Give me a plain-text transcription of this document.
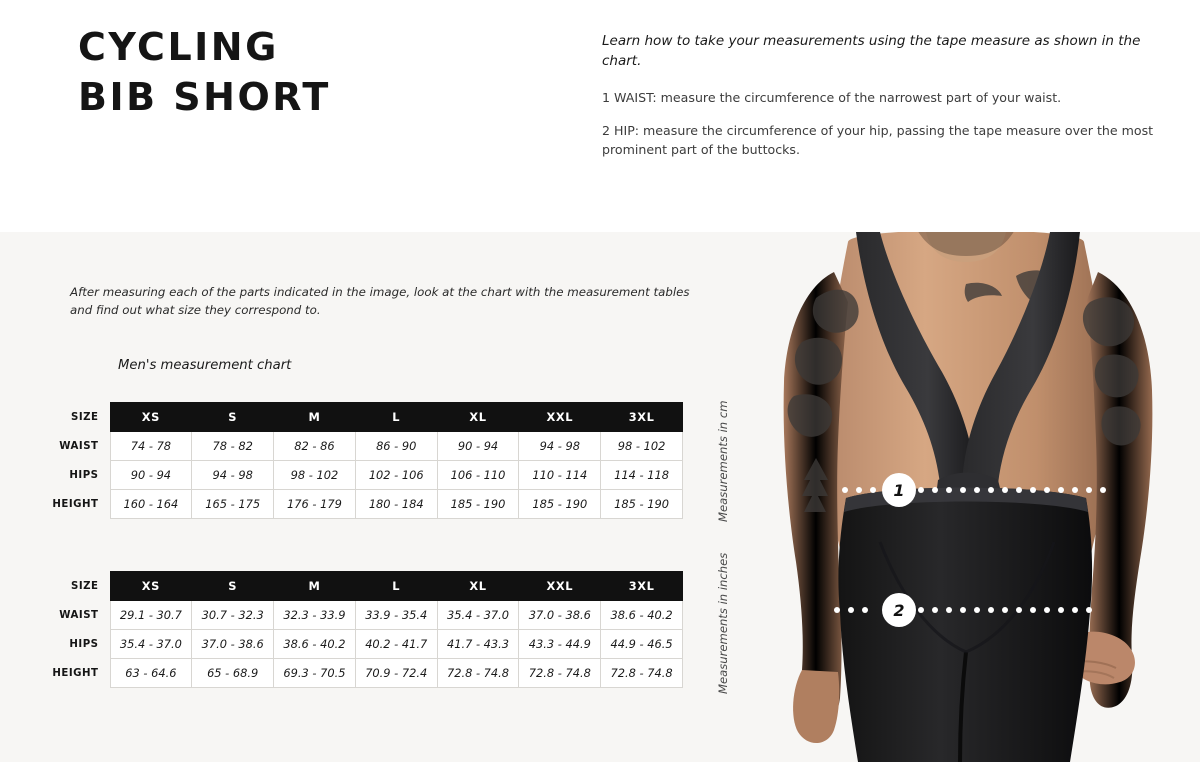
CYCLING
BIB SHORT

Learn how to take your measurements using the tape measure as shown in the chart.

1 WAIST: measure the circumference of the narrowest part of your waist.

2 HIP: measure the circumference of your hip, passing the tape measure over the most prominent part of the buttocks.

After measuring each of the parts indicated in the image, look at the chart with the measurement tables and find out what size they correspond to.
Men's measurement chart
SIZE	XS	S	M	L	XL	XXL	3XL
WAIST	74 - 78	78 - 82	82 - 86	86 - 90	90 - 94	94 - 98	98 - 102
HIPS	90 - 94	94 - 98	98 - 102	102 - 106	106 - 110	110 - 114	114 - 118
HEIGHT	160 - 164	165 - 175	176 - 179	180 - 184	185 - 190	185 - 190	185 - 190
SIZE	XS	S	M	L	XL	XXL	3XL
WAIST	29.1 - 30.7	30.7 - 32.3	32.3 - 33.9	33.9 - 35.4	35.4 - 37.0	37.0 - 38.6	38.6 - 40.2
HIPS	35.4 - 37.0	37.0 - 38.6	38.6 - 40.2	40.2 - 41.7	41.7 - 43.3	43.3 - 44.9	44.9 - 46.5
HEIGHT	63 - 64.6	65 - 68.9	69.3 - 70.5	70.9 - 72.4	72.8 - 74.8	72.8 - 74.8	72.8 - 74.8
Measurements in cm
Measurements in inches
1
2
